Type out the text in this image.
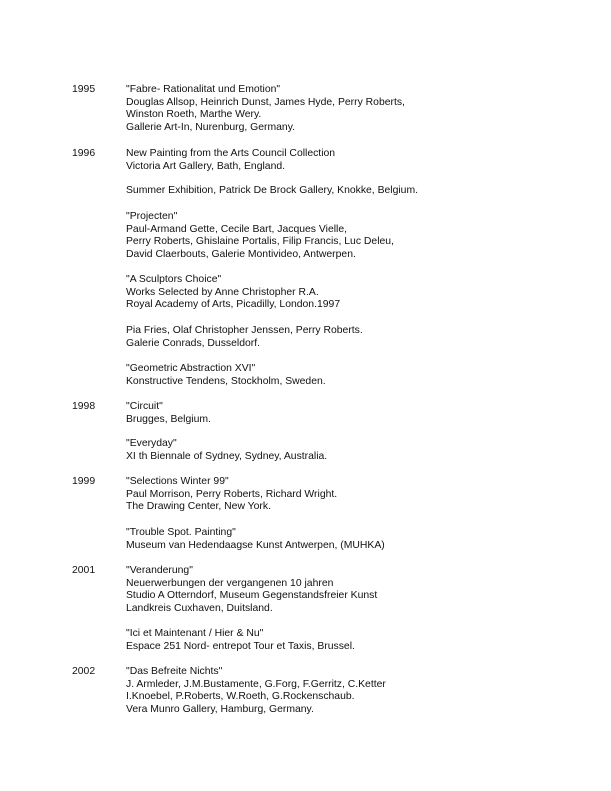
1995	"Fabre- Rationalitat und Emotion"
Douglas Allsop, Heinrich Dunst, James Hyde, Perry Roberts,
Winston Roeth, Marthe Wery.
Gallerie Art-In, Nurenburg, Germany.
1996	New Painting from the Arts Council Collection
Victoria Art Gallery, Bath, England.
Summer Exhibition, Patrick De Brock Gallery, Knokke, Belgium.
"Projecten"
Paul-Armand Gette, Cecile Bart, Jacques Vielle,
Perry Roberts, Ghislaine Portalis, Filip Francis, Luc Deleu,
David Claerbouts, Galerie Montivideo, Antwerpen.
"A Sculptors Choice"
Works Selected by Anne Christopher R.A.
Royal Academy of Arts, Picadilly, London.1997
Pia Fries, Olaf Christopher Jenssen, Perry Roberts.
Galerie Conrads, Dusseldorf.
"Geometric Abstraction XVI"
Konstructive Tendens, Stockholm, Sweden.
1998	"Circuit"
Brugges, Belgium.
"Everyday"
XI th Biennale of Sydney, Sydney, Australia.
1999	"Selections Winter 99"
Paul Morrison, Perry Roberts, Richard Wright.
The Drawing Center, New York.
"Trouble Spot. Painting"
Museum van Hedendaagse Kunst Antwerpen, (MUHKA)
2001	"Veranderung"
Neuerwerbungen der vergangenen 10 jahren
Studio A Otterndorf, Museum Gegenstandsfreier Kunst
Landkreis Cuxhaven, Duitsland.
"Ici et Maintenant / Hier & Nu"
Espace 251 Nord- entrepot Tour et Taxis, Brussel.
2002	"Das Befreite Nichts"
J. Armleder, J.M.Bustamente, G.Forg, F.Gerritz, C.Ketter
I.Knoebel, P.Roberts, W.Roeth, G.Rockenschaub.
Vera Munro Gallery, Hamburg, Germany.
